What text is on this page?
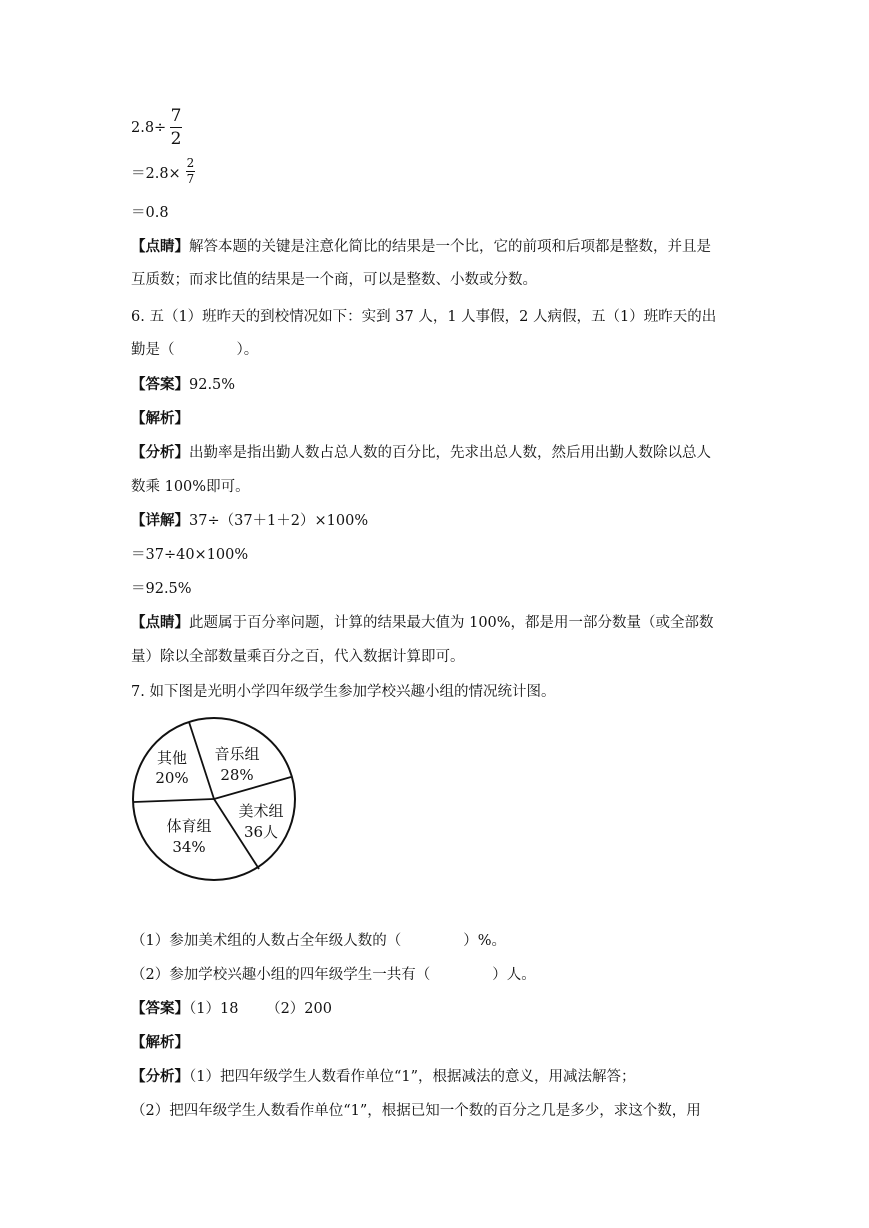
2.8÷
7
2
＝2.8×
2
7
＝0.8
【点睛】解答本题的关键是注意化简比的结果是一个比，它的前项和后项都是整数，并且是
互质数；而求比值的结果是一个商，可以是整数、小数或分数。
6. 五（1）班昨天的到校情况如下：实到 37 人，1 人事假，2 人病假，五（1）班昨天的出
勤是（	）。
【答案】92.5%
【解析】
【分析】出勤率是指出勤人数占总人数的百分比，先求出总人数，然后用出勤人数除以总人
数乘 100%即可。
【详解】37÷（37＋1＋2）×100%
＝37÷40×100%
＝92.5%
【点睛】此题属于百分率问题，计算的结果最大值为 100%，都是用一部分数量（或全部数
量）除以全部数量乘百分之百，代入数据计算即可。
7. 如下图是光明小学四年级学生参加学校兴趣小组的情况统计图。
音乐组
28%
美术组
36人
体育组
34%
其他
20%
（1）参加美术组的人数占全年级人数的（	）%。
（2）参加学校兴趣小组的四年级学生一共有（	）人。
【答案】（1）18      （2）200
【解析】
【分析】（1）把四年级学生人数看作单位“1”，根据减法的意义，用减法解答；
（2）把四年级学生人数看作单位“1”，根据已知一个数的百分之几是多少，求这个数，用
